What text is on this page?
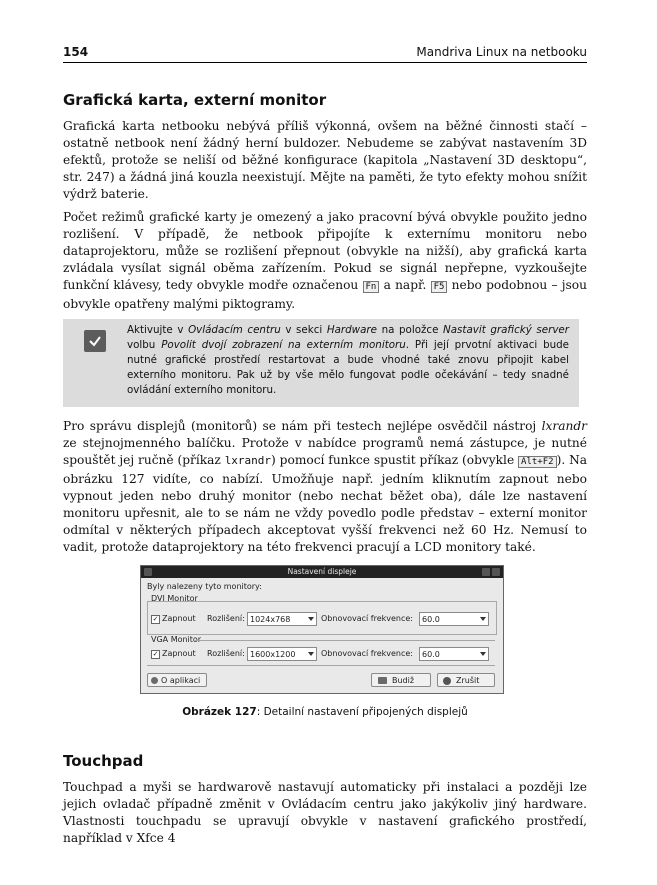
154	Mandriva Linux na netbooku
Grafická karta, externí monitor

Grafická karta netbooku nebývá příliš výkonná, ovšem na běžné činnosti stačí – ostatně netbook není žádný herní buldozer. Nebudeme se zabývat nastavením 3D efektů, protože se neliší od běžné konfigurace (kapitola „Nastavení 3D desktopu“, str. 247) a žádná jiná kouzla neexistují. Mějte na paměti, že tyto efekty mohou snížit výdrž baterie.

Počet režimů grafické karty je omezený a jako pracovní bývá obvykle použito jedno rozlišení. V případě, že netbook připojíte k externímu monitoru nebo dataprojektoru, může se rozlišení přepnout (obvykle na nižší), aby grafická karta zvládala vysílat signál oběma zařízením. Pokud se signál nepřepne, vyzkoušejte funkční klávesy, tedy obvykle modře označenou Fn a např. F5 nebo podobnou – jsou obvykle opatřeny malými piktogramy.

Aktivujte v Ovládacím centru v sekci Hardware na položce Nastavit grafický server volbu Povolit dvojí zobrazení na externím monitoru. Při její prvotní aktivaci bude nutné grafické prostředí restartovat a bude vhodné také znovu připojit kabel externího monitoru. Pak už by vše mělo fungovat podle očekávání – tedy snadné ovládání externího monitoru.

Pro správu displejů (monitorů) se nám při testech nejlépe osvědčil nástroj lxrandr ze stejnojmenného balíčku. Protože v nabídce programů nemá zástupce, je nutné spouštět jej ručně (příkaz lxrandr) pomocí funkce spustit příkaz (obvykle Alt+F2 ). Na obrázku 127 vidíte, co nabízí. Umožňuje např. jedním kliknutím zapnout nebo vypnout jeden nebo druhý monitor (nebo nechat běžet oba), dále lze nastavení monitoru upřesnit, ale to se nám ne vždy povedlo podle představ – externí monitor odmítal v některých případech akceptovat vyšší frekvenci než 60 Hz. Nemusí to vadit, protože dataprojektory na této frekvenci pracují a LCD monitory také.

Nastavení displeje
Byly nalezeny tyto monitory:
DVI Monitor
✓ Zapnout Rozlišení: 1024x768	Obnovovací frekvence:	60.0
VGA Monitor
✓ Zapnout Rozlišení: 1600x1200	Obnovovací frekvence:	60.0
O aplikaci	Budiž	Zrušit
Obrázek 127: Detailní nastavení připojených displejů
Touchpad

Touchpad a myši se hardwarově nastavují automaticky při instalaci a později lze jejich ovladač případně změnit v Ovládacím centru jako jakýkoliv jiný hardware. Vlastnosti touchpadu se upravují obvykle v nastavení grafického prostředí, například v Xfce 4
